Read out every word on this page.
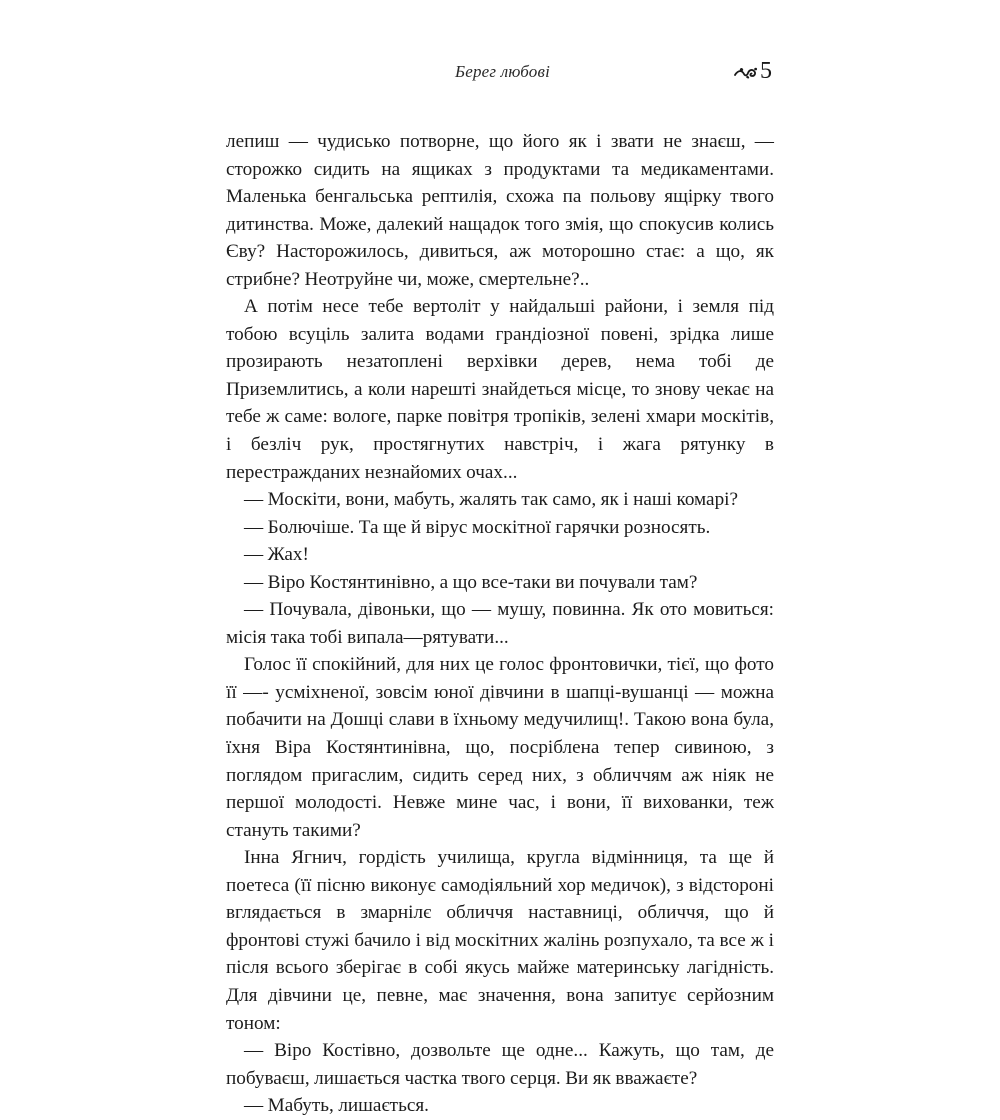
Берег любові	5

лепиш — чудисько потворне, що його як і звати не знаєш, — сторожко сидить на ящиках з продуктами та медикаментами. Маленька бенгальська рептилія, схожа па польову ящірку твого дитинства. Може, далекий нащадок того змія, що спокусив колись Єву? Насторожилось, дивиться, аж моторошно стає: а що, як стрибне? Неотруйне чи, може, смертельне?..

А потім несе тебе вертоліт у найдальші райони, і земля під тобою всуціль залита водами грандіозної повені, зрідка лише прозирають незатоплені верхівки дерев, нема тобі де Приземлитись, а коли нарешті знайдеться місце, то знову чекає на тебе ж саме: вологе, парке повітря тропіків, зелені хмари москітів, і безліч рук, простягнутих навстріч, і жага рятунку в перестражданих незнайомих очах...

— Москіти, вони, мабуть, жалять так само, як і наші комарі?

— Болючіше. Та ще й вірус москітної гарячки розносять.

— Жах!

— Віро Костянтинівно, а що все-таки ви почували там?

— Почувала, дівоньки, що — мушу, повинна. Як ото мовиться: місія така тобі випала—рятувати...

Голос її спокійний, для них це голос фронтовички, тієї, що фото її —- усміхненої, зовсім юної дівчини в шапці-вушанці — можна побачити на Дошці слави в їхньому медучилищ!. Такою вона була, їхня Віра Костянтинівна, що, посріблена тепер сивиною, з поглядом пригаслим, сидить серед них, з обличчям аж ніяк не першої молодості. Невже мине час, і вони, її вихованки, теж стануть такими?

Інна Ягнич, гордість училища, кругла відмінниця, та ще й поетеса (її пісню виконує самодіяльний хор медичок), з відстороні вглядається в змарнілє обличчя наставниці, обличчя, що й фронтові стужі бачило і від москітних жалінь розпухало, та все ж і після всього зберігає в собі якусь майже материнську лагідність. Для дівчини це, певне, має значення, вона запитує серйозним тоном:

— Віро Костівно, дозвольте ще одне... Кажуть, що там, де побуваєш, лишається частка твого серця. Ви як вважаєте?

— Мабуть, лишається.
